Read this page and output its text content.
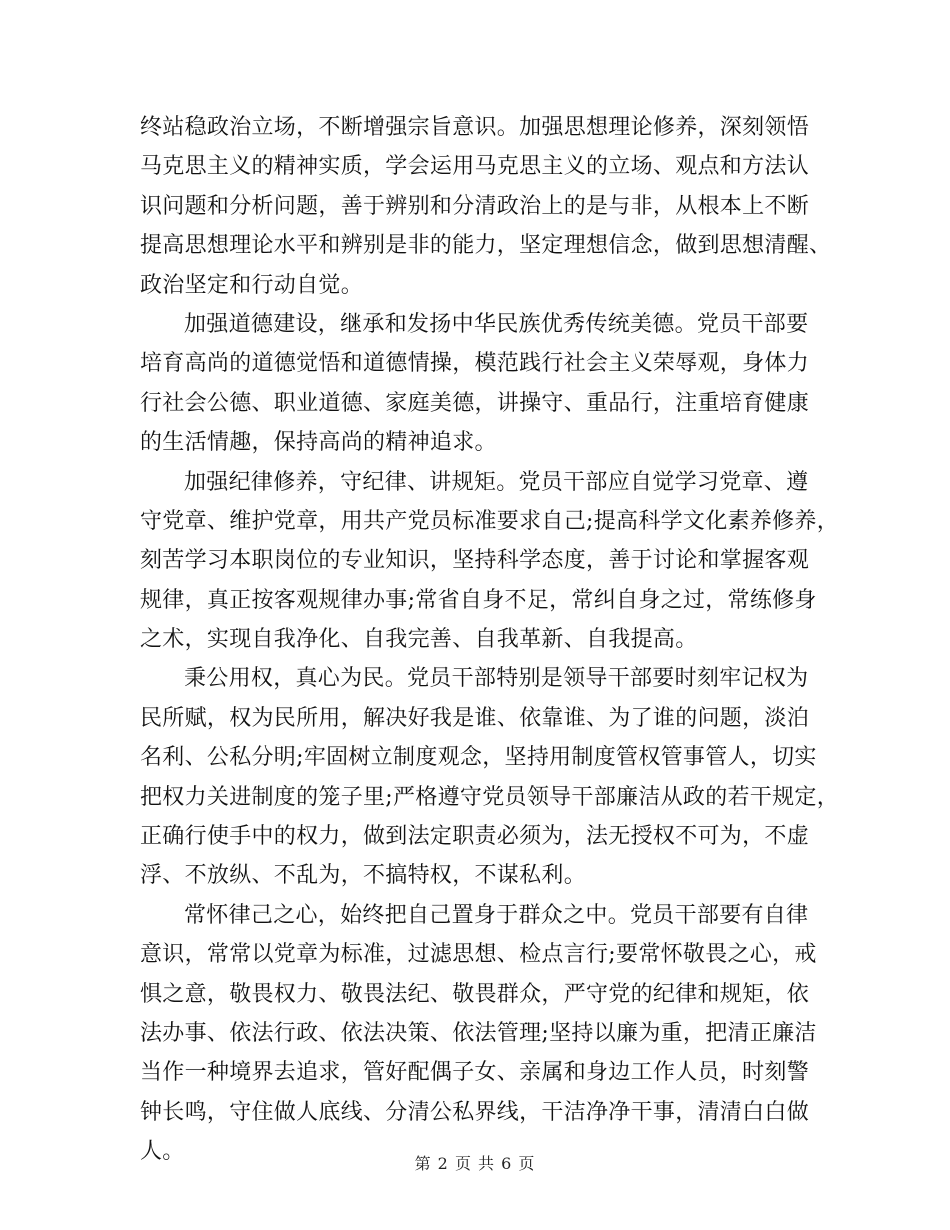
终站稳政治立场，不断增强宗旨意识。加强思想理论修养，深刻领悟
马克思主义的精神实质，学会运用马克思主义的立场、观点和方法认
识问题和分析问题，善于辨别和分清政治上的是与非，从根本上不断
提高思想理论水平和辨别是非的能力，坚定理想信念，做到思想清醒、
政治坚定和行动自觉。
加强道德建设，继承和发扬中华民族优秀传统美德。党员干部要
培育高尚的道德觉悟和道德情操，模范践行社会主义荣辱观，身体力
行社会公德、职业道德、家庭美德，讲操守、重品行，注重培育健康
的生活情趣，保持高尚的精神追求。
加强纪律修养，守纪律、讲规矩。党员干部应自觉学习党章、遵
守党章、维护党章，用共产党员标准要求自己;提高科学文化素养修养，
刻苦学习本职岗位的专业知识，坚持科学态度，善于讨论和掌握客观
规律，真正按客观规律办事;常省自身不足，常纠自身之过，常练修身
之术，实现自我净化、自我完善、自我革新、自我提高。
秉公用权，真心为民。党员干部特别是领导干部要时刻牢记权为
民所赋，权为民所用，解决好我是谁、依靠谁、为了谁的问题，淡泊
名利、公私分明;牢固树立制度观念，坚持用制度管权管事管人，切实
把权力关进制度的笼子里;严格遵守党员领导干部廉洁从政的若干规定，
正确行使手中的权力，做到法定职责必须为，法无授权不可为，不虚
浮、不放纵、不乱为，不搞特权，不谋私利。
常怀律己之心，始终把自己置身于群众之中。党员干部要有自律
意识，常常以党章为标准，过滤思想、检点言行;要常怀敬畏之心，戒
惧之意，敬畏权力、敬畏法纪、敬畏群众，严守党的纪律和规矩，依
法办事、依法行政、依法决策、依法管理;坚持以廉为重，把清正廉洁
当作一种境界去追求，管好配偶子女、亲属和身边工作人员，时刻警
钟长鸣，守住做人底线、分清公私界线，干洁净净干事，清清白白做
人。	第 2 页 共 6 页
